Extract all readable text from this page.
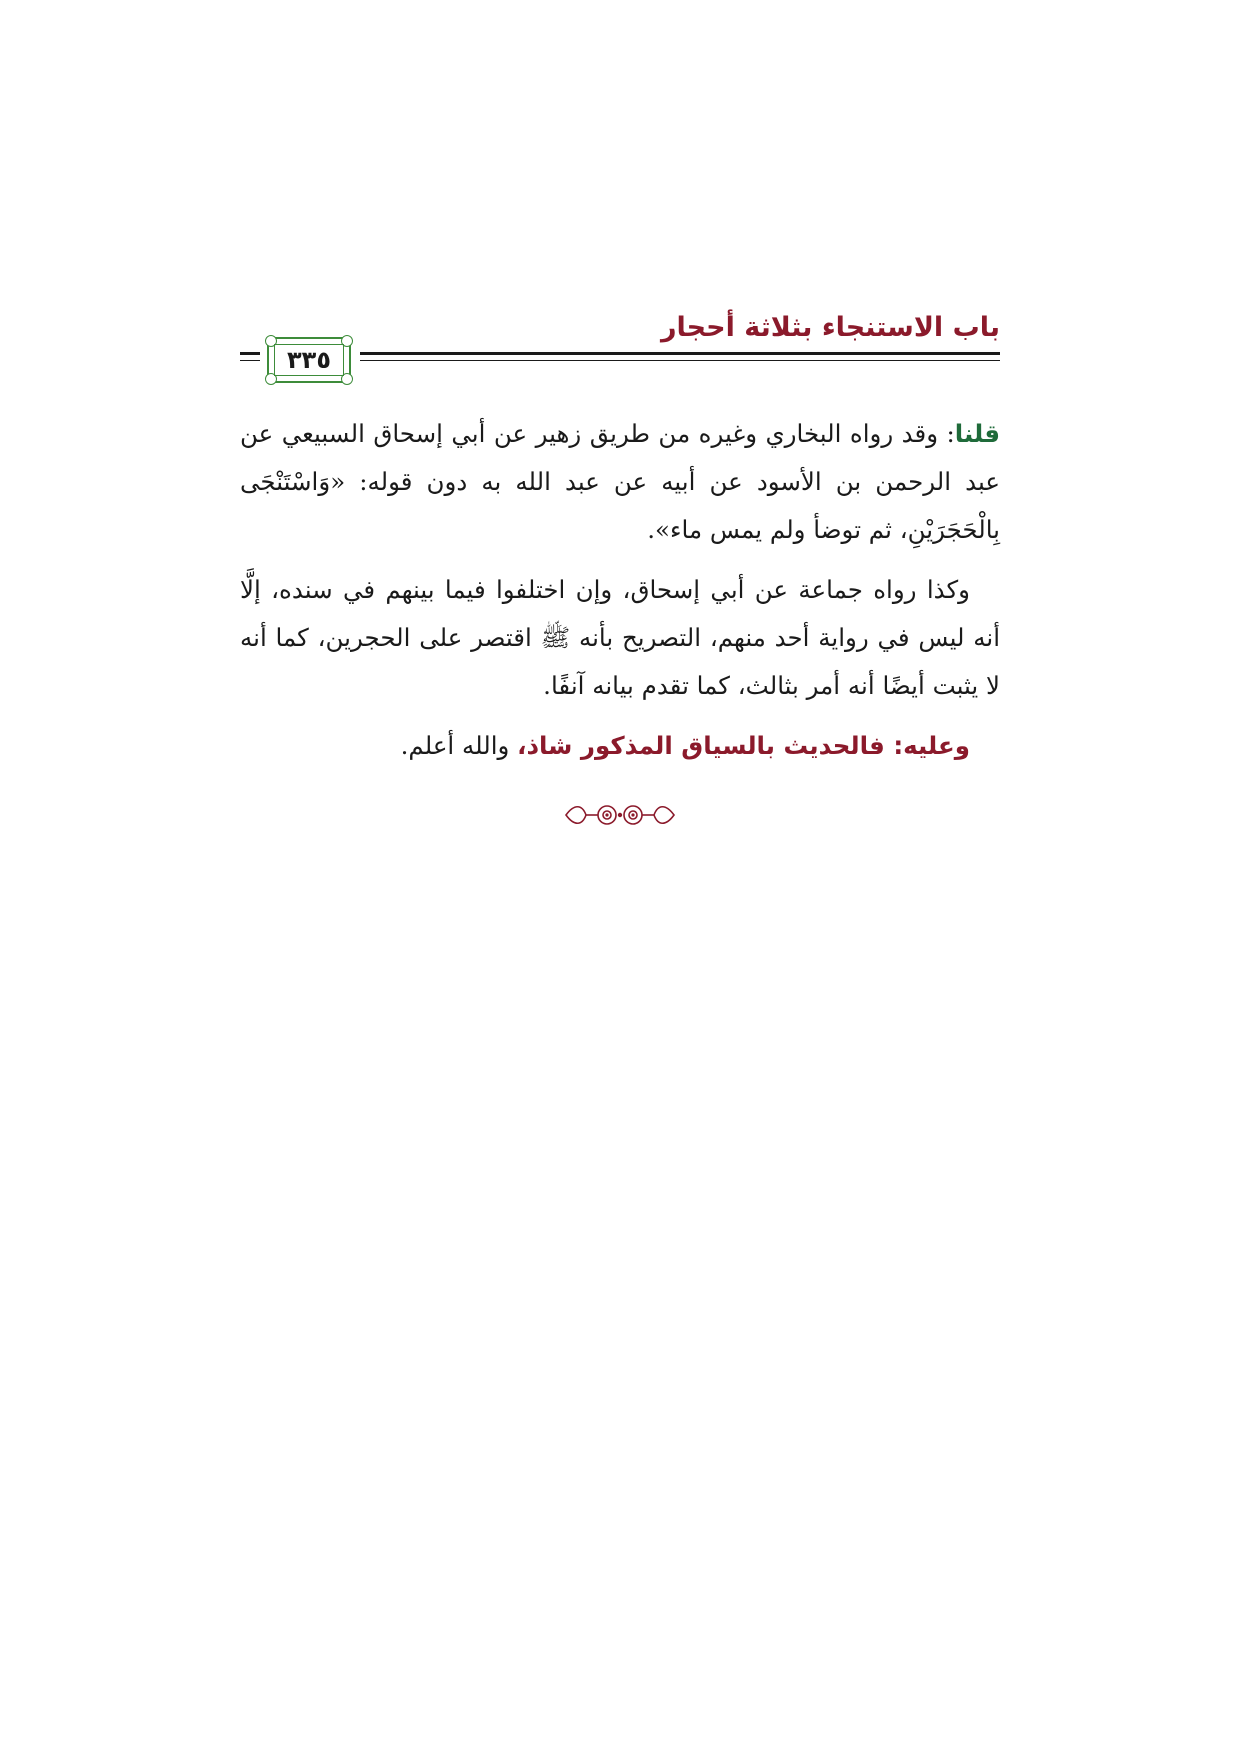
باب الاستنجاء بثلاثة أحجار
٣٣٥

قلنا: وقد رواه البخاري وغيره من طريق زهير عن أبي إسحاق السبيعي عن عبد الرحمن بن الأسود عن أبيه عن عبد الله به دون قوله: «وَاسْتَنْجَى بِالْحَجَرَيْنِ، ثم توضأ ولم يمس ماء».

وكذا رواه جماعة عن أبي إسحاق، وإن اختلفوا فيما بينهم في سنده، إلَّا أنه ليس في رواية أحد منهم، التصريح بأنه ﷺ اقتصر على الحجرين، كما أنه لا يثبت أيضًا أنه أمر بثالث، كما تقدم بيانه آنفًا.

وعليه: فالحديث بالسياق المذكور شاذ، والله أعلم.
